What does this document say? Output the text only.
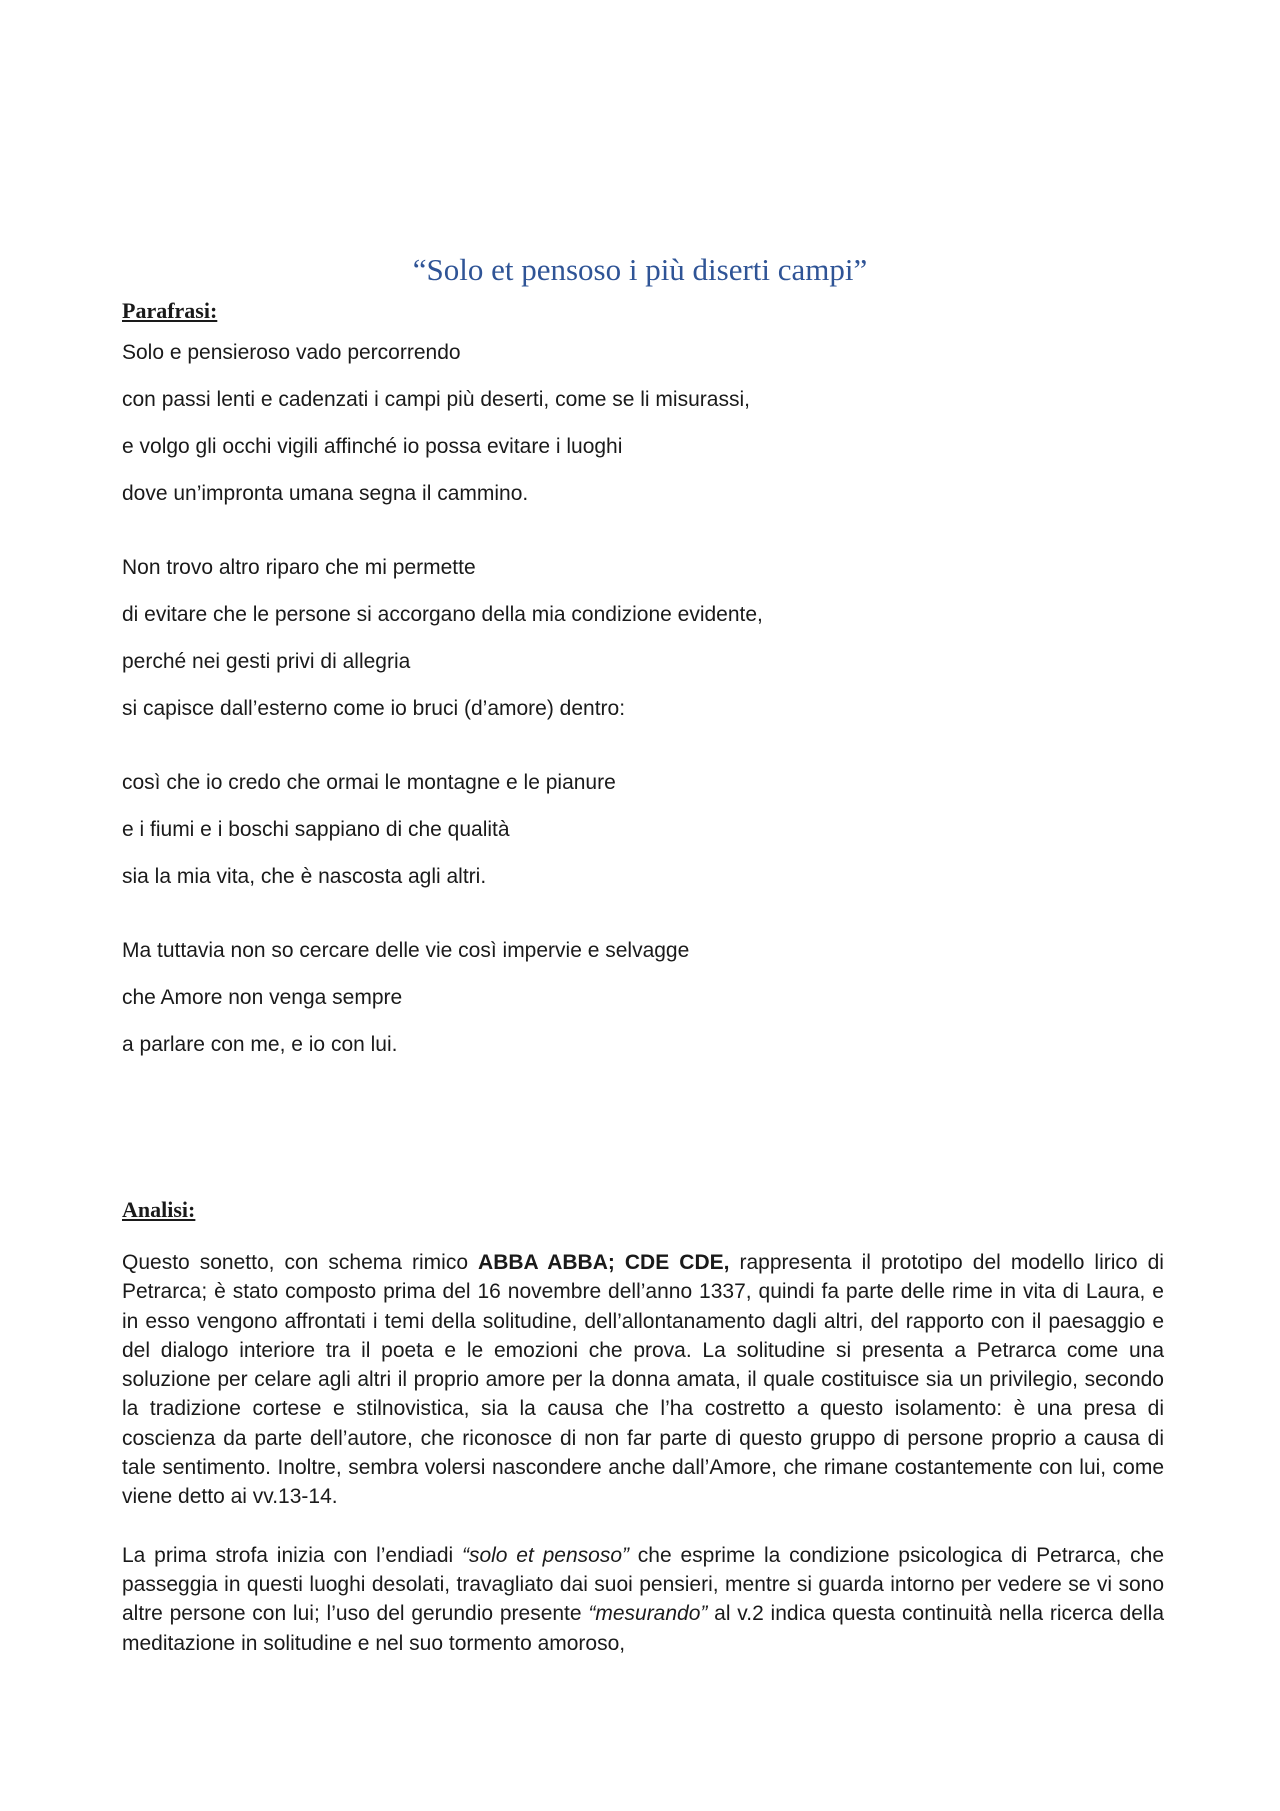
“Solo et pensoso i più diserti campi”
Parafrasi:
Solo e pensieroso vado percorrendo
con passi lenti e cadenzati i campi più deserti, come se li misurassi,
e volgo gli occhi vigili affinché io possa evitare i luoghi
dove un’impronta umana segna il cammino.
Non trovo altro riparo che mi permette
di evitare che le persone si accorgano della mia condizione evidente,
perché nei gesti privi di allegria
si capisce dall’esterno come io bruci (d’amore) dentro:
così che io credo che ormai le montagne e le pianure
e i fiumi e i boschi sappiano di che qualità
sia la mia vita, che è nascosta agli altri.
Ma tuttavia non so cercare delle vie così impervie e selvagge
che Amore non venga sempre
a parlare con me, e io con lui.
Analisi:

Questo sonetto, con schema rimico ABBA ABBA; CDE CDE, rappresenta il prototipo del modello lirico di Petrarca; è stato composto prima del 16 novembre dell’anno 1337, quindi fa parte delle rime in vita di Laura, e in esso vengono affrontati i temi della solitudine, dell’allontanamento dagli altri, del rapporto con il paesaggio e del dialogo interiore tra il poeta e le emozioni che prova. La solitudine si presenta a Petrarca come una soluzione per celare agli altri il proprio amore per la donna amata, il quale costituisce sia un privilegio, secondo la tradizione cortese e stilnovistica, sia la causa che l’ha costretto a questo isolamento: è una presa di coscienza da parte dell’autore, che riconosce di non far parte di questo gruppo di persone proprio a causa di tale sentimento. Inoltre, sembra volersi nascondere anche dall’Amore, che rimane costantemente con lui, come viene detto ai vv.13-14.

La prima strofa inizia con l’endiadi “solo et pensoso” che esprime la condizione psicologica di Petrarca, che passeggia in questi luoghi desolati, travagliato dai suoi pensieri, mentre si guarda intorno per vedere se vi sono altre persone con lui; l’uso del gerundio presente “mesurando” al v.2 indica questa continuità nella ricerca della meditazione in solitudine e nel suo tormento amoroso,
